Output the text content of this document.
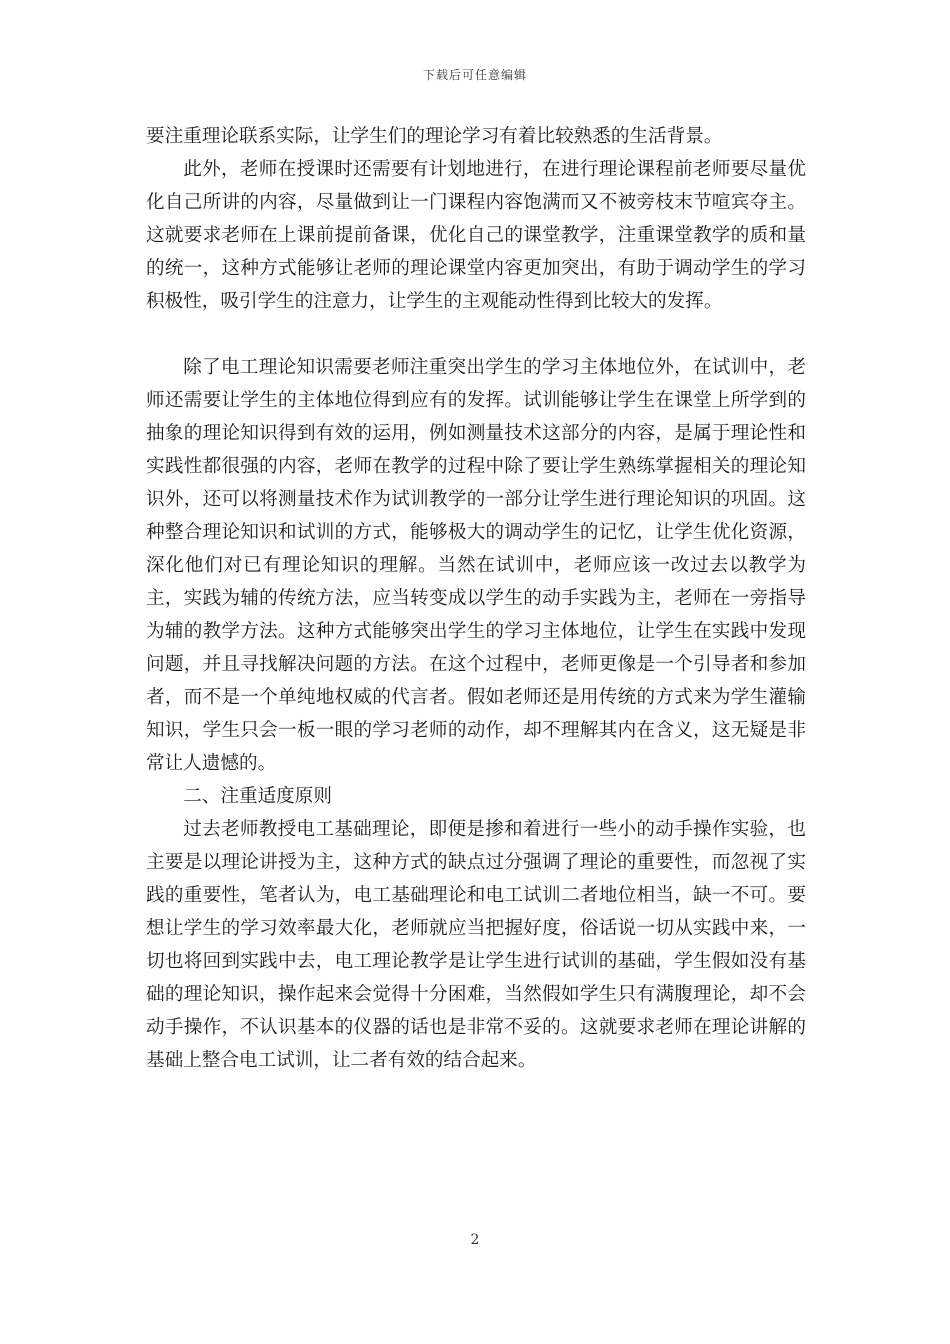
下载后可任意编辑

要注重理论联系实际，让学生们的理论学习有着比较熟悉的生活背景。

此外，老师在授课时还需要有计划地进行，在进行理论课程前老师要尽量优化自己所讲的内容，尽量做到让一门课程内容饱满而又不被旁枝末节喧宾夺主。这就要求老师在上课前提前备课，优化自己的课堂教学，注重课堂教学的质和量的统一，这种方式能够让老师的理论课堂内容更加突出，有助于调动学生的学习积极性，吸引学生的注意力，让学生的主观能动性得到比较大的发挥。

除了电工理论知识需要老师注重突出学生的学习主体地位外，在试训中，老师还需要让学生的主体地位得到应有的发挥。试训能够让学生在课堂上所学到的抽象的理论知识得到有效的运用，例如测量技术这部分的内容，是属于理论性和实践性都很强的内容，老师在教学的过程中除了要让学生熟练掌握相关的理论知识外，还可以将测量技术作为试训教学的一部分让学生进行理论知识的巩固。这种整合理论知识和试训的方式，能够极大的调动学生的记忆，让学生优化资源，深化他们对已有理论知识的理解。当然在试训中，老师应该一改过去以教学为主，实践为辅的传统方法，应当转变成以学生的动手实践为主，老师在一旁指导为辅的教学方法。这种方式能够突出学生的学习主体地位，让学生在实践中发现问题，并且寻找解决问题的方法。在这个过程中，老师更像是一个引导者和参加者，而不是一个单纯地权威的代言者。假如老师还是用传统的方式来为学生灌输知识，学生只会一板一眼的学习老师的动作，却不理解其内在含义，这无疑是非常让人遗憾的。

二、注重适度原则

过去老师教授电工基础理论，即便是掺和着进行一些小的动手操作实验，也主要是以理论讲授为主，这种方式的缺点过分强调了理论的重要性，而忽视了实践的重要性，笔者认为，电工基础理论和电工试训二者地位相当，缺一不可。要想让学生的学习效率最大化，老师就应当把握好度，俗话说一切从实践中来，一切也将回到实践中去，电工理论教学是让学生进行试训的基础，学生假如没有基础的理论知识，操作起来会觉得十分困难，当然假如学生只有满腹理论，却不会动手操作，不认识基本的仪器的话也是非常不妥的。这就要求老师在理论讲解的基础上整合电工试训，让二者有效的结合起来。

2
